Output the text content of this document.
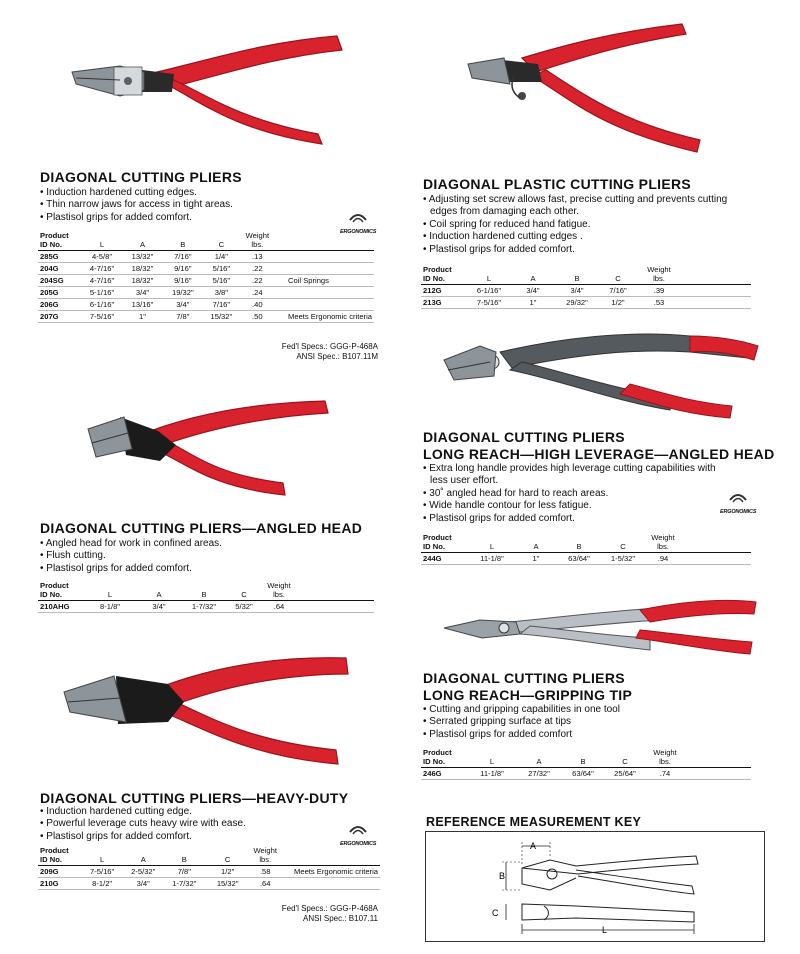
DIAGONAL CUTTING PLIERS
• Induction hardened cutting edges.
• Thin narrow jaws for access in tight areas.
• Plastisol grips for added comfort.
ERGONOMICS
Product
ID No.	L	A	B	C	Weight
lbs.	
285G	4-5/8"	13/32"	7/16"	1/4"	.13	
204G	4-7/16"	18/32"	9/16"	5/16"	.22	
204SG	4-7/16"	18/32"	9/16"	5/16"	.22	Coil Springs
205G	5-1/16"	3/4"	19/32"	3/8"	.24	
206G	6-1/16"	13/16"	3/4"	7/16"	.40	
207G	7-5/16"	1"	7/8"	15/32"	.50	Meets Ergonomic criteria
Fed'l Specs.: GGG-P-468A
ANSI Spec.: B107.11M
DIAGONAL CUTTING PLIERS—ANGLED HEAD
• Angled head for work in confined areas.
• Flush cutting.
• Plastisol grips for added comfort.
Product
ID No.	L	A	B	C	Weight
lbs.	
210AHG	8-1/8"	3/4"	1-7/32"	5/32"	.64	
DIAGONAL CUTTING PLIERS—HEAVY-DUTY
• Induction hardened cutting edge.
• Powerful leverage cuts heavy wire with ease.
• Plastisol grips for added comfort.
ERGONOMICS
Product
ID No.	L	A	B	C	Weight
lbs.	
209G	7-5/16"	2-5/32"	7/8"	1/2"	.58	Meets Ergonomic criteria
210G	8-1/2"	3/4"	1-7/32"	15/32"	.64	
Fed'l Specs.: GGG-P-468A
ANSI Spec.: B107.11
DIAGONAL PLASTIC CUTTING PLIERS
• Adjusting set screw allows fast, precise cutting and prevents cutting
edges from damaging each other.
• Coil spring for reduced hand fatigue.
• Induction hardened cutting edges .
• Plastisol grips for added comfort.
Product
ID No.	L	A	B	C	Weight
lbs.	
212G	6-1/16"	3/4"	3/4"	7/16"	.39	
213G	7-5/16"	1"	29/32"	1/2"	.53	
DIAGONAL CUTTING PLIERS
LONG REACH—HIGH LEVERAGE—ANGLED HEAD
• Extra long handle provides high leverage cutting capabilities with
less user effort.
• 30˚ angled head for hard to reach areas.
• Wide handle contour for less fatigue.
• Plastisol grips for added comfort.
ERGONOMICS
Product
ID No.	L	A	B	C	Weight
lbs.	
244G	11-1/8"	1"	63/64"	1-5/32"	.94	
DIAGONAL CUTTING PLIERS
LONG REACH—GRIPPING TIP
• Cutting and gripping capabilities in one tool
• Serrated gripping surface at tips
• Plastisol grips for added comfort
Product
ID No.	L	A	B	C	Weight
lbs.	
246G	11-1/8"	27/32"	63/64"	25/64"	.74	
REFERENCE MEASUREMENT KEY
A
B
C
L
